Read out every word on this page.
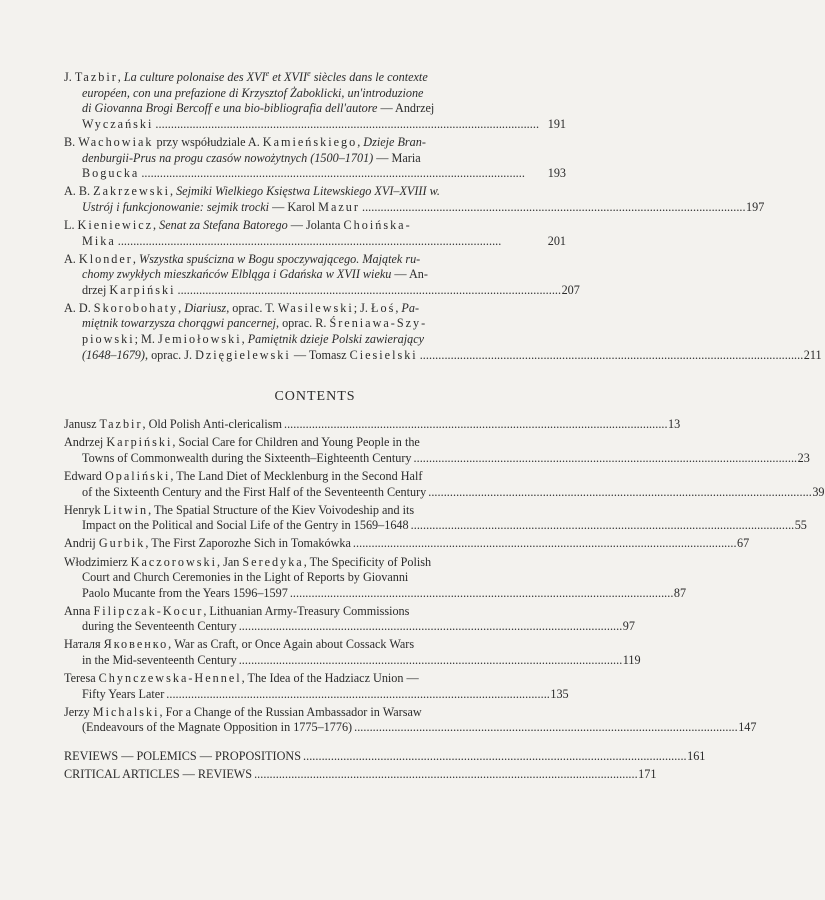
J. Tazbir, La culture polonaise des XVIe et XVIIe siècles dans le contexte
européen, con una prefazione di Krzysztof Żaboklicki, un'introduzione
di Giovanna Brogi Bercoff e una bio-bibliografia dell'autore — Andrzej
Wyczański . . .	191
B. Wachowiak przy współudziale A. Kamieńskiego, Dzieje Bran-
denburgii-Prus na progu czasów nowożytnych (1500–1701) — Maria
Bogucka . . .	193
A. B. Zakrzewski, Sejmiki Wielkiego Księstwa Litewskiego XVI–XVIII w.
Ustrój i funkcjonowanie: sejmik trocki — Karol Mazur . . .	197
L. Kieniewicz, Senat za Stefana Batorego — Jolanta Choińska-
Mika . . .	201
A. Klonder, Wszystka spuścizna w Bogu spoczywającego. Majątek ru-
chomy zwykłych mieszkańców Elbląga i Gdańska w XVII wieku — An-
drzej Karpiński . . .	207
A. D. Skorobohaty, Diariusz, oprac. T. Wasilewski; J. Łoś, Pa-
miętnik towarzysza chorągwi pancernej, oprac. R. Śreniawa-Szy-
piowski; M. Jemiołowski, Pamiętnik dzieje Polski zawierający
(1648–1679), oprac. J. Dzięgielewski — Tomasz Ciesielski . . .	211
CONTENTS
Janusz Tazbir, Old Polish Anti-clericalism . . .	13
Andrzej Karpiński, Social Care for Children and Young People in the
Towns of Commonwealth during the Sixteenth–Eighteenth Century . . .	23
Edward Opaliński, The Land Diet of Mecklenburg in the Second Half
of the Sixteenth Century and the First Half of the Seventeenth Century . . .	39
Henryk Litwin, The Spatial Structure of the Kiev Voivodeship and its
Impact on the Political and Social Life of the Gentry in 1569–1648 . . .	55
Andrij Gurbik, The First Zaporozhe Sich in Tomakówka . . .	67
Włodzimierz Kaczorowski, Jan Seredyka, The Specificity of Polish
Court and Church Ceremonies in the Light of Reports by Giovanni
Paolo Mucante from the Years 1596–1597 . . .	87
Anna Filipczak-Kocur, Lithuanian Army-Treasury Commissions
during the Seventeenth Century . . .	97
Наталя Яковенко, War as Craft, or Once Again about Cossack Wars
in the Mid-seventeenth Century . . .	119
Teresa Chynczewska-Hennel, The Idea of the Hadziacz Union —
Fifty Years Later . . .	135
Jerzy Michalski, For a Change of the Russian Ambassador in Warsaw
(Endeavours of the Magnate Opposition in 1775–1776) . . .	147
REVIEWS — POLEMICS — PROPOSITIONS . . .	161
CRITICAL ARTICLES — REVIEWS . . .	171
